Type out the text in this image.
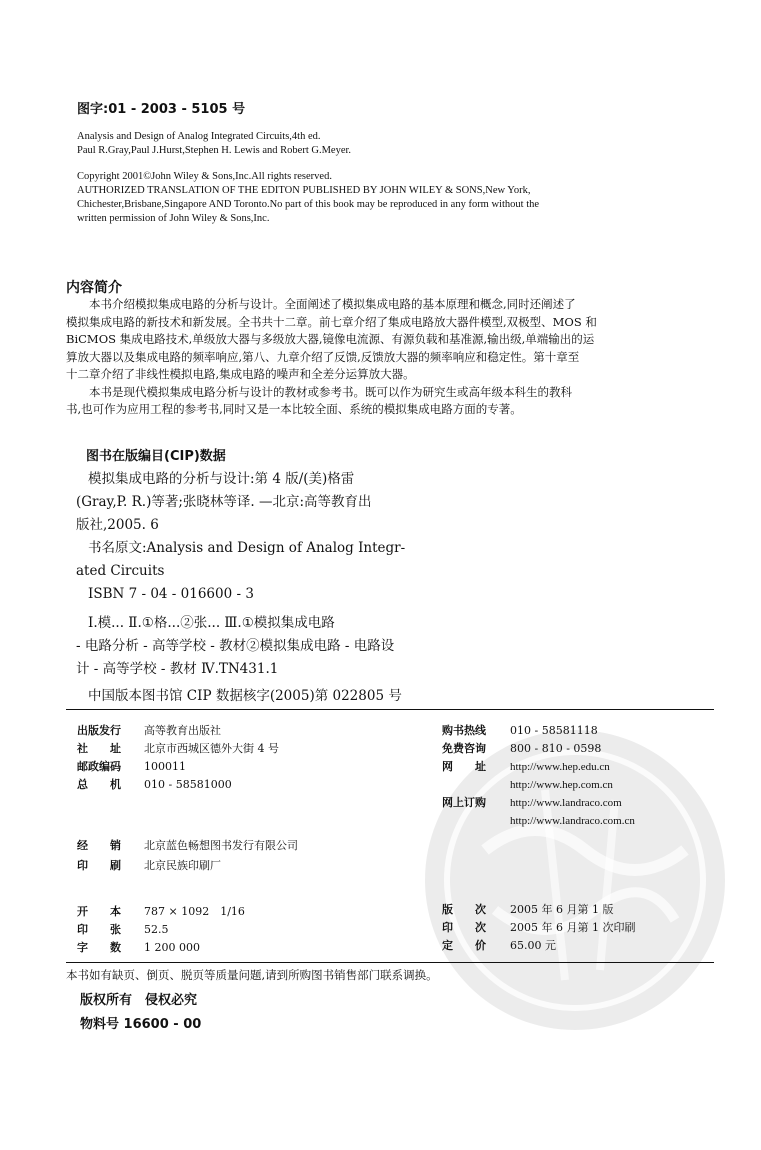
图字:01 - 2003 - 5105 号
Analysis and Design of Analog Integrated Circuits,4th ed.
Paul R.Gray,Paul J.Hurst,Stephen H. Lewis and Robert G.Meyer.
Copyright 2001©John Wiley & Sons,Inc.All rights reserved.
AUTHORIZED TRANSLATION OF THE EDITON PUBLISHED BY JOHN WILEY & SONS,New York,
Chichester,Brisbane,Singapore AND Toronto.No part of this book may be reproduced in any form without the
written permission of John Wiley & Sons,Inc.
内容简介
本书介绍模拟集成电路的分析与设计。全面阐述了模拟集成电路的基本原理和概念,同时还阐述了
模拟集成电路的新技术和新发展。全书共十二章。前七章介绍了集成电路放大器件模型,双极型、MOS 和
BiCMOS 集成电路技术,单级放大器与多级放大器,镜像电流源、有源负载和基准源,输出级,单端输出的运
算放大器以及集成电路的频率响应,第八、九章介绍了反馈,反馈放大器的频率响应和稳定性。第十章至
十二章介绍了非线性模拟电路,集成电路的噪声和全差分运算放大器。
本书是现代模拟集成电路分析与设计的教材或参考书。既可以作为研究生或高年级本科生的教科
书,也可作为应用工程的参考书,同时又是一本比较全面、系统的模拟集成电路方面的专著。
图书在版编目(CIP)数据
模拟集成电路的分析与设计:第 4 版/(美)格雷
(Gray,P. R.)等著;张晓林等译. —北京:高等教育出
版社,2005. 6
书名原文:Analysis and Design of Analog Integr-
ated Circuits
ISBN 7 - 04 - 016600 - 3
Ⅰ.模... Ⅱ.①格...②张... Ⅲ.①模拟集成电路
- 电路分析 - 高等学校 - 教材②模拟集成电路 - 电路设
计 - 高等学校 - 教材 Ⅳ.TN431.1
中国版本图书馆 CIP 数据核字(2005)第 022805 号
出版发行 高等教育出版社
社　　址 北京市西城区德外大街 4 号
邮政编码 100011
总　　机 010 - 58581000
购书热线 010 - 58581118
免费咨询 800 - 810 - 0598
网　　址 http://www.hep.edu.cn
http://www.hep.com.cn
网上订购 http://www.landraco.com
http://www.landraco.com.cn
经　　销 北京蓝色畅想图书发行有限公司
印　　刷 北京民族印刷厂
开　　本 787 × 1092　1/16
印　　张 52.5
字　　数 1 200 000
版　　次 2005 年 6 月第 1 版
印　　次 2005 年 6 月第 1 次印刷
定　　价 65.00 元
本书如有缺页、倒页、脱页等质量问题,请到所购图书销售部门联系调换。
版权所有　侵权必究
物料号 16600 - 00
